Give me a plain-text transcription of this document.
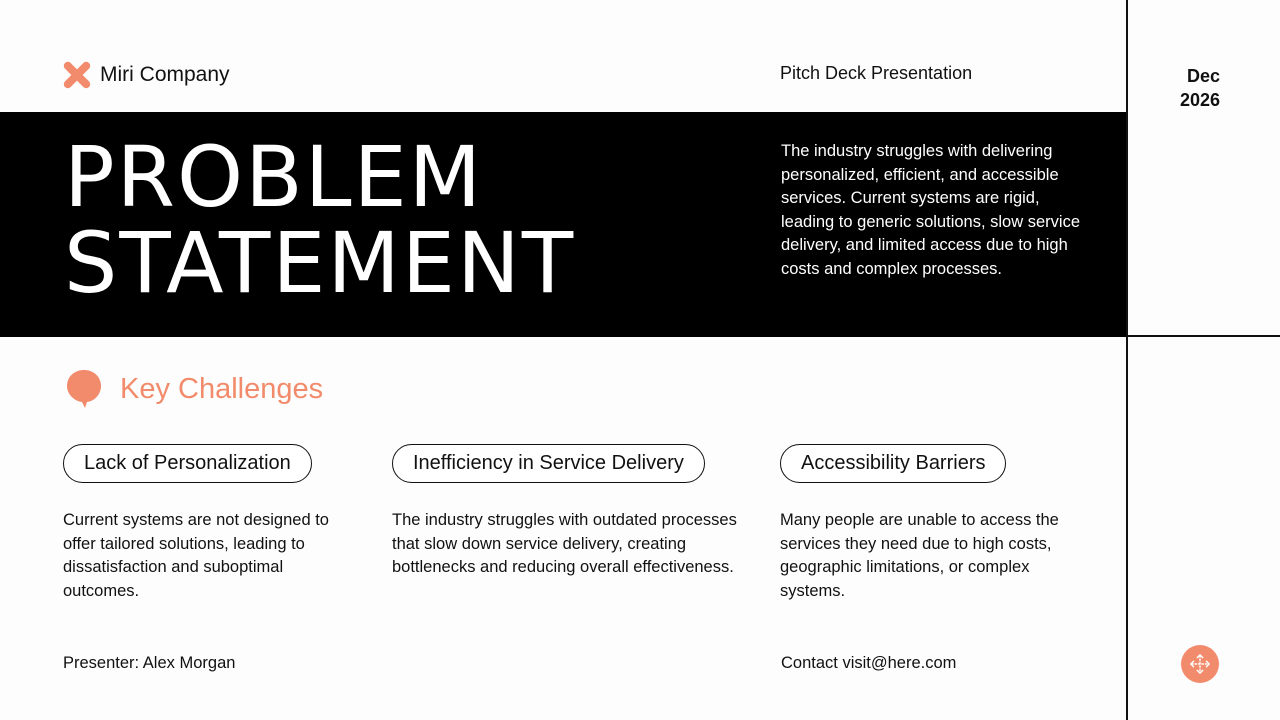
Miri Company	Pitch Deck Presentation	Dec
2026
PROBLEM
STATEMENT
The industry struggles with delivering personalized, efficient, and accessible services. Current systems are rigid, leading to generic solutions, slow service delivery, and limited access due to high costs and complex processes.
Key Challenges
Lack of Personalization
Current systems are not designed to offer tailored solutions, leading to dissatisfaction and suboptimal outcomes.
Inefficiency in Service Delivery
The industry struggles with outdated processes that slow down service delivery, creating bottlenecks and reducing overall effectiveness.
Accessibility Barriers
Many people are unable to access the services they need due to high costs, geographic limitations, or complex systems.
Presenter: Alex Morgan	Contact visit@here.com
